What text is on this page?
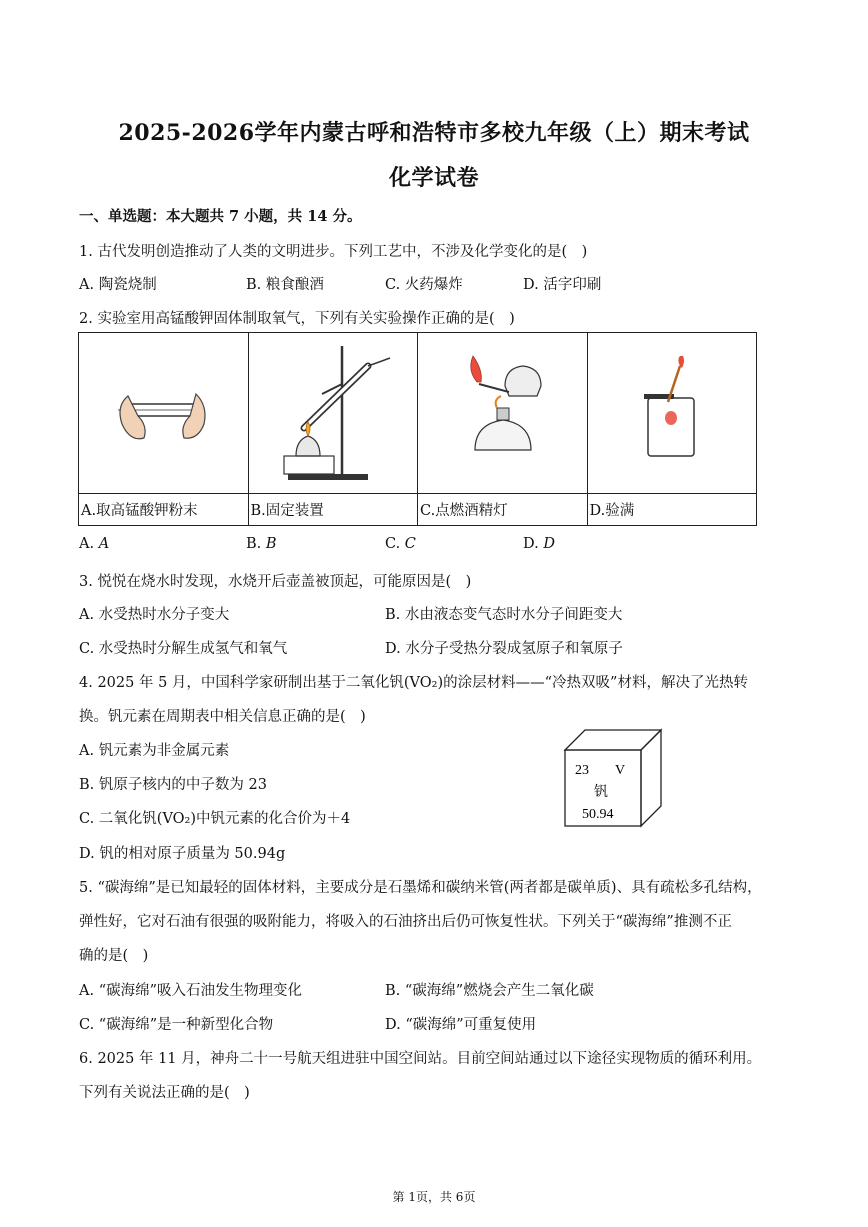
2025-2026学年内蒙古呼和浩特市多校九年级（上）期末考试
化学试卷
一、单选题：本大题共 7 小题，共 14 分。
1. 古代发明创造推动了人类的文明进步。下列工艺中，不涉及化学变化的是(　)
A. 陶瓷烧制	B. 粮食酿酒	C. 火药爆炸	D. 活字印刷
2. 实验室用高锰酸钾固体制取氧气，下列有关实验操作正确的是(　)

A.取高锰酸钾粉末	B.固定装置	C.点燃酒精灯	D.验满
A. A	B. B	C. C	D. D
3. 悦悦在烧水时发现，水烧开后壶盖被顶起，可能原因是(　)
A. 水受热时水分子变大	B. 水由液态变气态时水分子间距变大
C. 水受热时分解生成氢气和氧气	D. 水分子受热分裂成氢原子和氧原子
4. 2025 年 5 月，中国科学家研制出基于二氧化钒(VO₂)的涂层材料——“冷热双吸”材料，解决了光热转
换。钒元素在周期表中相关信息正确的是(　)
A. 钒元素为非金属元素
B. 钒原子核内的中子数为 23
C. 二氧化钒(VO₂)中钒元素的化合价为＋4
D. 钒的相对原子质量为 50.94g
23 V
钒
50.94
5. “碳海绵”是已知最轻的固体材料，主要成分是石墨烯和碳纳米管(两者都是碳单质)、具有疏松多孔结构，
弹性好，它对石油有很强的吸附能力，将吸入的石油挤出后仍可恢复性状。下列关于“碳海绵”推测不正
确的是(　)
A. “碳海绵”吸入石油发生物理变化	B. “碳海绵”燃烧会产生二氧化碳
C. “碳海绵”是一种新型化合物	D. “碳海绵”可重复使用
6. 2025 年 11 月，神舟二十一号航天组进驻中国空间站。目前空间站通过以下途径实现物质的循环利用。
下列有关说法正确的是(　)
第 1页，共 6页
